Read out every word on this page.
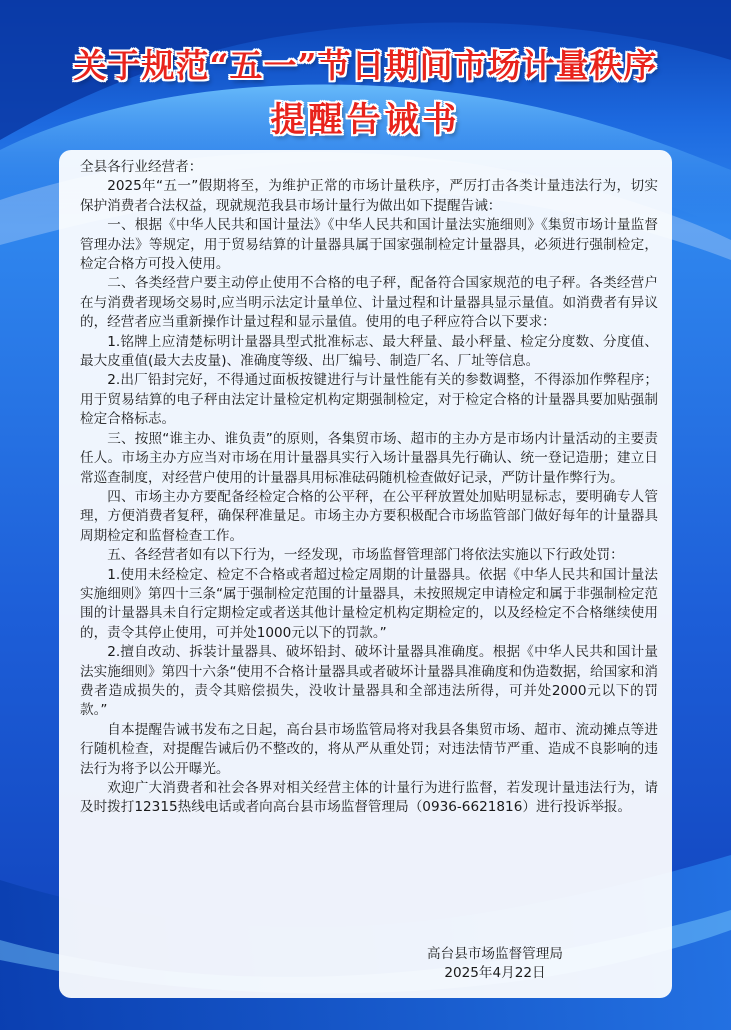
关于规范“五一”节日期间市场计量秩序
提醒告诫书

全县各行业经营者：

2025年“五一”假期将至，为维护正常的市场计量秩序，严厉打击各类计量违法行为，切实保护消费者合法权益，现就规范我县市场计量行为做出如下提醒告诫：

一、根据《中华人民共和国计量法》《中华人民共和国计量法实施细则》《集贸市场计量监督管理办法》等规定，用于贸易结算的计量器具属于国家强制检定计量器具，必须进行强制检定，检定合格方可投入使用。

二、各类经营户要主动停止使用不合格的电子秤，配备符合国家规范的电子秤。各类经营户在与消费者现场交易时,应当明示法定计量单位、计量过程和计量器具显示量值。如消费者有异议的，经营者应当重新操作计量过程和显示量值。使用的电子秤应符合以下要求：

1.铭牌上应清楚标明计量器具型式批准标志、最大秤量、最小秤量、检定分度数、分度值、最大皮重值(最大去皮量)、准确度等级、出厂编号、制造厂名、厂址等信息。

2.出厂铅封完好，不得通过面板按键进行与计量性能有关的参数调整，不得添加作弊程序；用于贸易结算的电子秤由法定计量检定机构定期强制检定，对于检定合格的计量器具要加贴强制检定合格标志。

三、按照“谁主办、谁负责”的原则，各集贸市场、超市的主办方是市场内计量活动的主要责任人。市场主办方应当对市场在用计量器具实行入场计量器具先行确认、统一登记造册；建立日常巡查制度，对经营户使用的计量器具用标准砝码随机检查做好记录，严防计量作弊行为。

四、市场主办方要配备经检定合格的公平秤，在公平秤放置处加贴明显标志，要明确专人管理，方便消费者复秤，确保秤准量足。市场主办方要积极配合市场监管部门做好每年的计量器具周期检定和监督检查工作。

五、各经营者如有以下行为，一经发现，市场监督管理部门将依法实施以下行政处罚：

1.使用未经检定、检定不合格或者超过检定周期的计量器具。依据《中华人民共和国计量法实施细则》第四十三条“属于强制检定范围的计量器具，未按照规定申请检定和属于非强制检定范围的计量器具未自行定期检定或者送其他计量检定机构定期检定的，以及经检定不合格继续使用的，责令其停止使用，可并处1000元以下的罚款。”

2.擅自改动、拆装计量器具、破坏铅封、破坏计量器具准确度。根据《中华人民共和国计量法实施细则》第四十六条“使用不合格计量器具或者破坏计量器具准确度和伪造数据，给国家和消费者造成损失的，责令其赔偿损失，没收计量器具和全部违法所得，可并处2000元以下的罚款。”

自本提醒告诫书发布之日起，高台县市场监管局将对我县各集贸市场、超市、流动摊点等进行随机检查，对提醒告诫后仍不整改的，将从严从重处罚；对违法情节严重、造成不良影响的违法行为将予以公开曝光。

欢迎广大消费者和社会各界对相关经营主体的计量行为进行监督，若发现计量违法行为，请及时拨打12315热线电话或者向高台县市场监督管理局（0936-6621816）进行投诉举报。

高台县市场监督管理局
2025年4月22日
